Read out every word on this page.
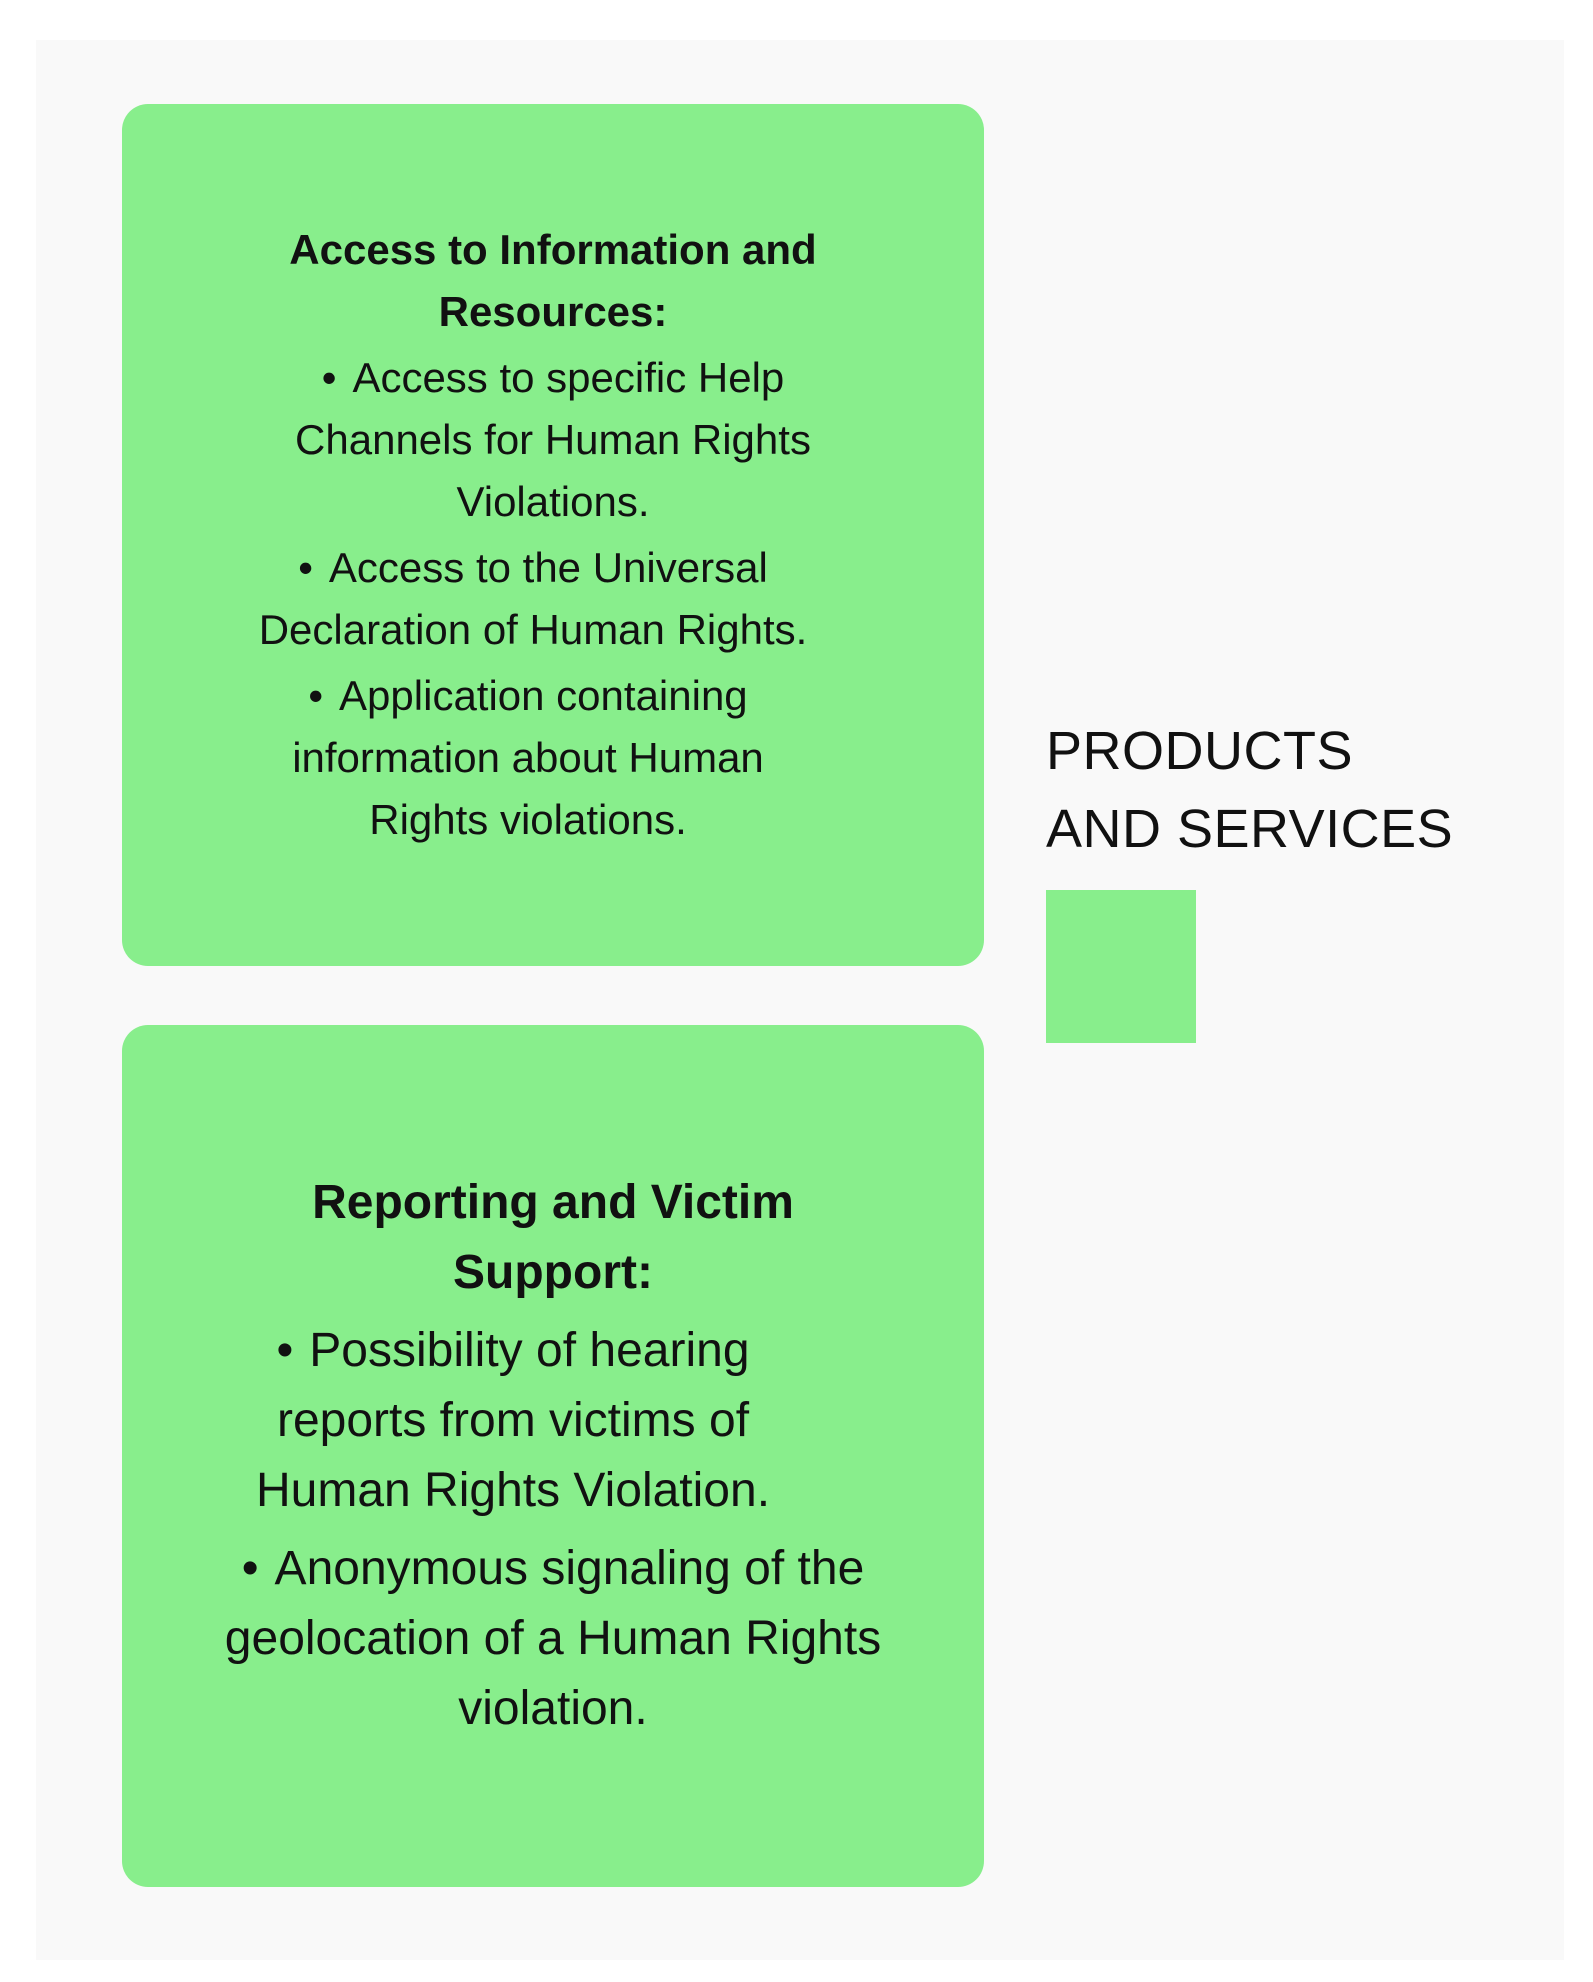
Access to Information and Resources:

• Access to specific Help Channels for Human Rights Violations.
• Access to the Universal Declaration of Human Rights.
• Application containing information about Human Rights violations.

Reporting and Victim Support:

• Possibility of hearing reports from victims of Human Rights Violation.
• Anonymous signaling of the geolocation of a Human Rights violation.
PRODUCTS
AND SERVICES
